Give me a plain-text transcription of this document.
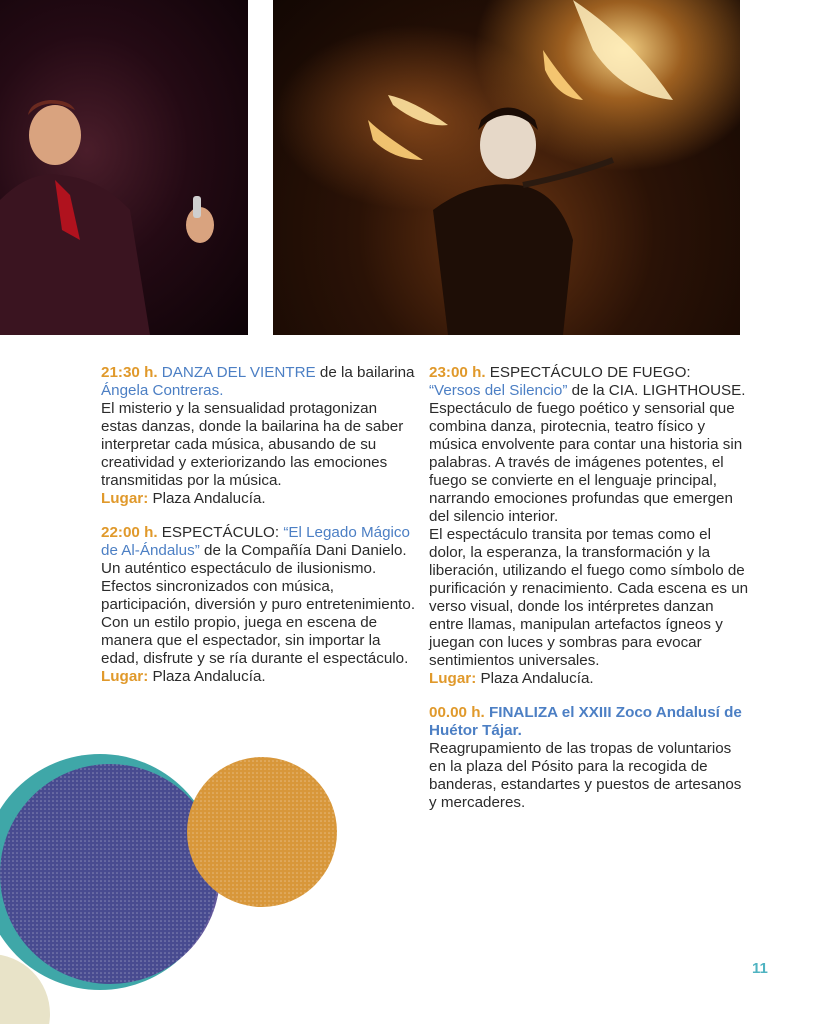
21:30 h. DANZA DEL VIENTRE de la bailarina Ángela Contreras.
El misterio y la sensualidad protagonizan estas danzas, donde la bailarina ha de saber interpretar cada música, abusando de su creatividad y exteriorizando las emociones transmitidas por la música.
Lugar: Plaza Andalucía.
22:00 h. ESPECTÁCULO: “El Legado Mágico de Al-Ándalus” de la Compañía Dani Danielo.
Un auténtico espectáculo de ilusionismo. Efectos sincronizados con música, participación, diversión y puro entretenimiento. Con un estilo propio, juega en escena de manera que el espectador, sin importar la edad, disfrute y se ría durante el espectáculo.
Lugar: Plaza Andalucía.
23:00 h. ESPECTÁCULO DE FUEGO:
“Versos del Silencio” de la CIA. LIGHTHOUSE.
Espectáculo de fuego poético y sensorial que combina danza, pirotecnia, teatro físico y música envolvente para contar una historia sin palabras. A través de imágenes potentes, el fuego se convierte en el lenguaje principal, narrando emociones profundas que emergen del silencio interior.
El espectáculo transita por temas como el dolor, la esperanza, la transformación y la liberación, utilizando el fuego como símbolo de purificación y renacimiento. Cada escena es un verso visual, donde los intérpretes danzan entre llamas, manipulan artefactos ígneos y juegan con luces y sombras para evocar sentimientos universales.
Lugar: Plaza Andalucía.
00.00 h. FINALIZA el XXIII Zoco Andalusí de Huétor Tájar.
Reagrupamiento de las tropas de voluntarios en la plaza del Pósito para la recogida de banderas, estandartes y puestos de artesanos y mercaderes.
11
